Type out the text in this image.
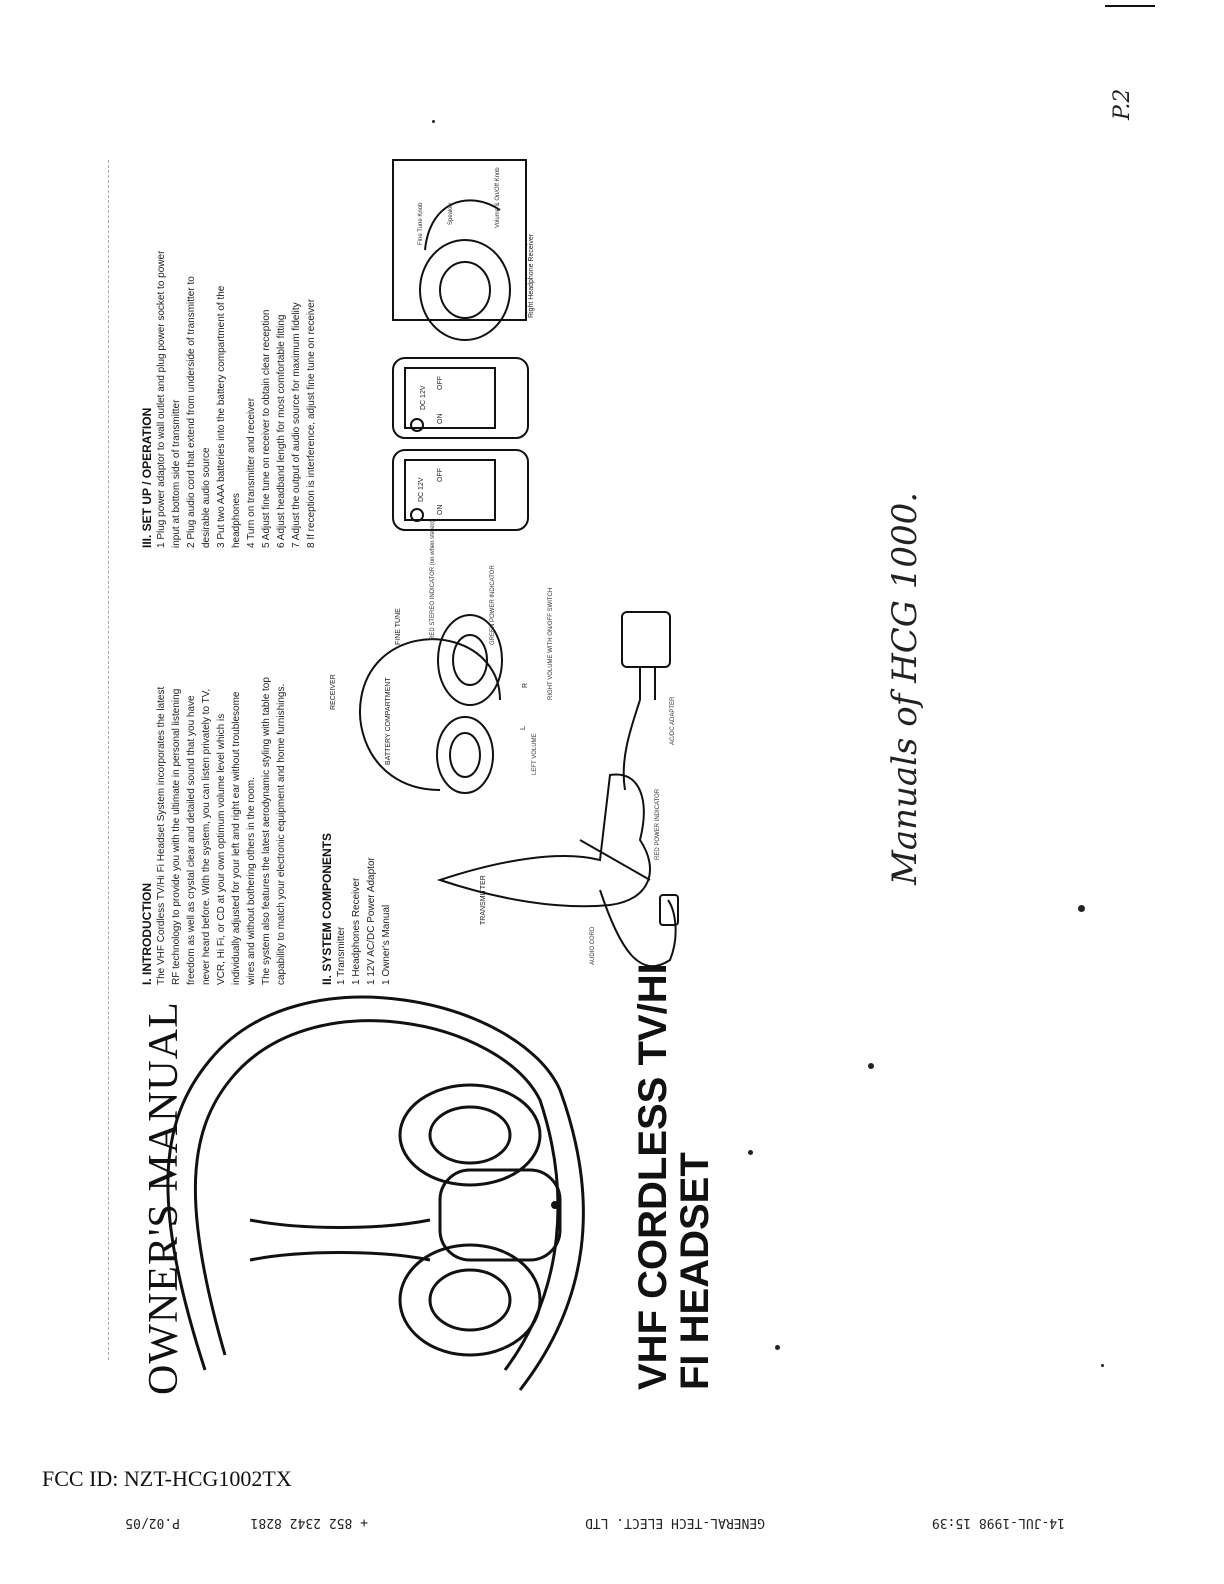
OWNER'S MANUAL	VHF CORDLESS TV/HI
FI HEADSET
I. INTRODUCTION The VHF Cordless TV/Hi Fi Headset System incorporates the latest RF technology to provide you with the ultimate in personal listening freedom as well as crystal clear and detailed sound that you have never heard before. With the system, you can listen privately to TV, VCR, Hi Fi, or CD at your own optimum volume level which is individually adjusted for your left and right ear without troublesome wires and without bothering others in the room. The system also features the latest aerodynamic styling with table top capability to match your electronic equipment and home furnishings.	II. SYSTEM COMPONENTS 1 Transmitter 1 Headphones Receiver 1 12V AC/DC Power Adaptor 1 Owner's Manual
RECEIVER	BATTERY COMPARTMENT
FINE TUNE	RED STEREO INDICATOR (on when stereo)	GREEN POWER INDICATOR
L
LEFT VOLUME
R	RIGHT VOLUME WITH ON/OFF SWITCH
TRANSMITTER
RED POWER INDICATOR
AC/DC ADAPTER
AUDIO CORD
III. SET UP / OPERATION 1 Plug power adaptor to wall outlet and plug power socket to power input at bottom side of transmitter 2 Plug audio cord that extend from underside of transmitter to desirable audio source 3 Put two AAA batteries into the battery compartment of the headphones 4 Turn on transmitter and receiver 5 Adjust fine tune on receiver to obtain clear reception 6 Adjust headband length for most comfortable fitting 7 Adjust the output of audio source for maximum fidelity 8 If reception is interference, adjust fine tune on receiver	DC 12V
DC 12V
ON
OFF
ON
OFF
Fine Tune Knob	Speaker	Volume & On/Off Knob
Right Headphone Receiver
Manuals of HCG 1000.
P.2
FCC ID: NZT-HCG1002TX
14-JUL-1998 15:39
GENERAL-TECH ELECT. LTD
+ 852 2342 8281
P.02/05
